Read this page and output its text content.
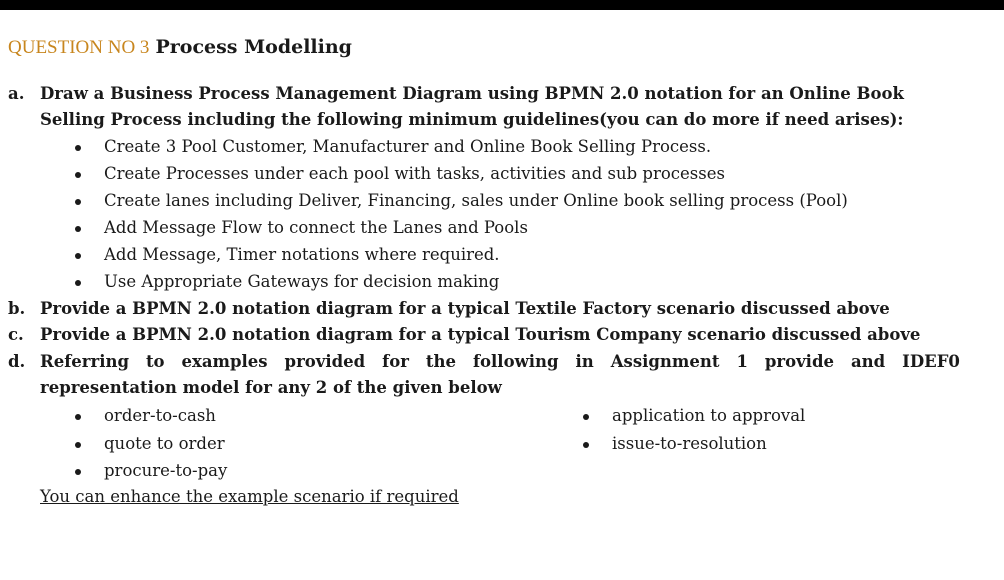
QUESTION NO 3 Process Modelling
a. Draw a Business Process Management Diagram using BPMN 2.0 notation for an Online Book
Selling Process including the following minimum guidelines(you can do more if need arises):
Create 3 Pool Customer, Manufacturer and Online Book Selling Process.
Create Processes under each pool with tasks, activities and sub processes
Create lanes including Deliver, Financing, sales under Online book selling process (Pool)
Add Message Flow to connect the Lanes and Pools
Add Message, Timer notations where required.
Use Appropriate Gateways for decision making
b. Provide a BPMN 2.0 notation diagram for a typical Textile Factory scenario discussed above
c. Provide a BPMN 2.0 notation diagram for a typical Tourism Company scenario discussed above
d. Referring to examples provided for the following in Assignment 1 provide and IDEF0
representation model for any 2 of the given below
order-to-cash
quote to order
procure-to-pay
application to approval
issue-to-resolution
You can enhance the example scenario if required
